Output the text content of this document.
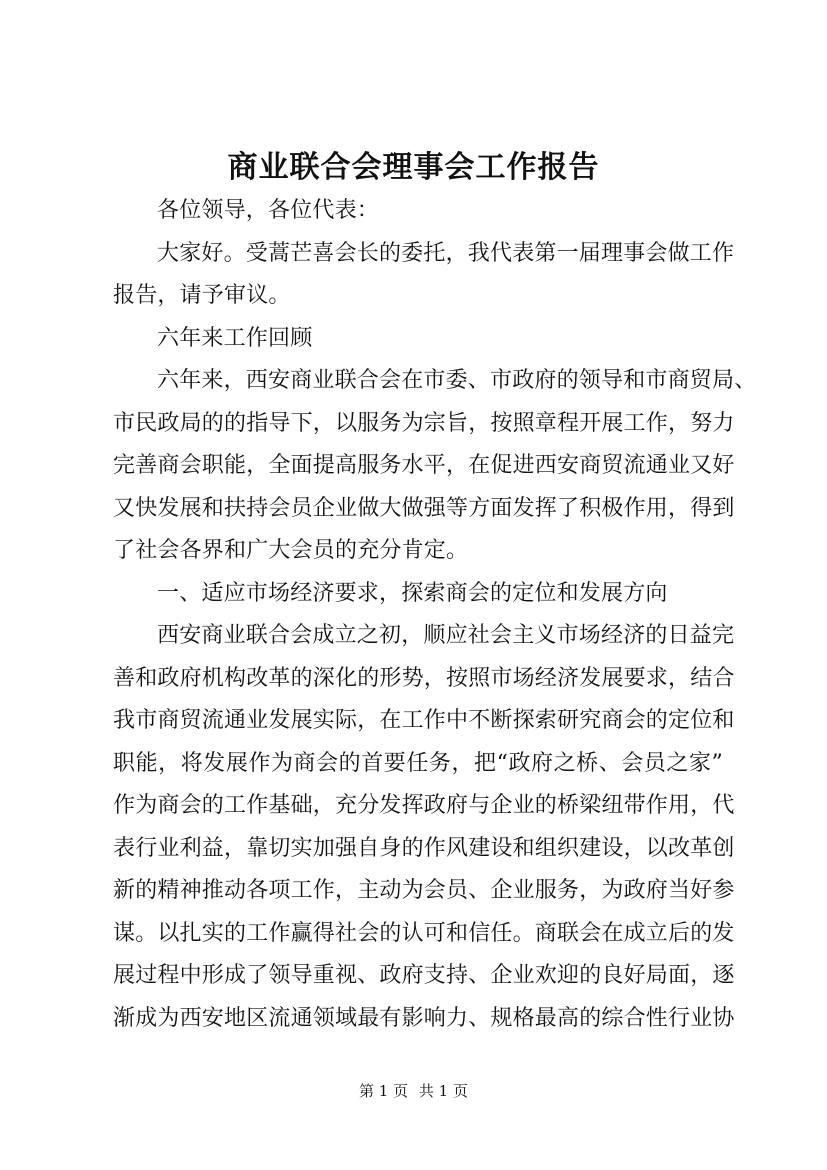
商业联合会理事会工作报告
各位领导，各位代表：
大家好。受蒿芒喜会长的委托，我代表第一届理事会做工作
报告，请予审议。
六年来工作回顾
六年来，西安商业联合会在市委、市政府的领导和市商贸局、
市民政局的的指导下，以服务为宗旨，按照章程开展工作，努力
完善商会职能，全面提高服务水平，在促进西安商贸流通业又好
又快发展和扶持会员企业做大做强等方面发挥了积极作用，得到
了社会各界和广大会员的充分肯定。
一、适应市场经济要求，探索商会的定位和发展方向
西安商业联合会成立之初，顺应社会主义市场经济的日益完
善和政府机构改革的深化的形势，按照市场经济发展要求，结合
我市商贸流通业发展实际，在工作中不断探索研究商会的定位和
职能，将发展作为商会的首要任务，把“政府之桥、会员之家”
作为商会的工作基础，充分发挥政府与企业的桥梁纽带作用，代
表行业利益，靠切实加强自身的作风建设和组织建设，以改革创
新的精神推动各项工作，主动为会员、企业服务，为政府当好参
谋。以扎实的工作赢得社会的认可和信任。商联会在成立后的发
展过程中形成了领导重视、政府支持、企业欢迎的良好局面，逐
渐成为西安地区流通领域最有影响力、规格最高的综合性行业协
第 1 页 共 1 页
